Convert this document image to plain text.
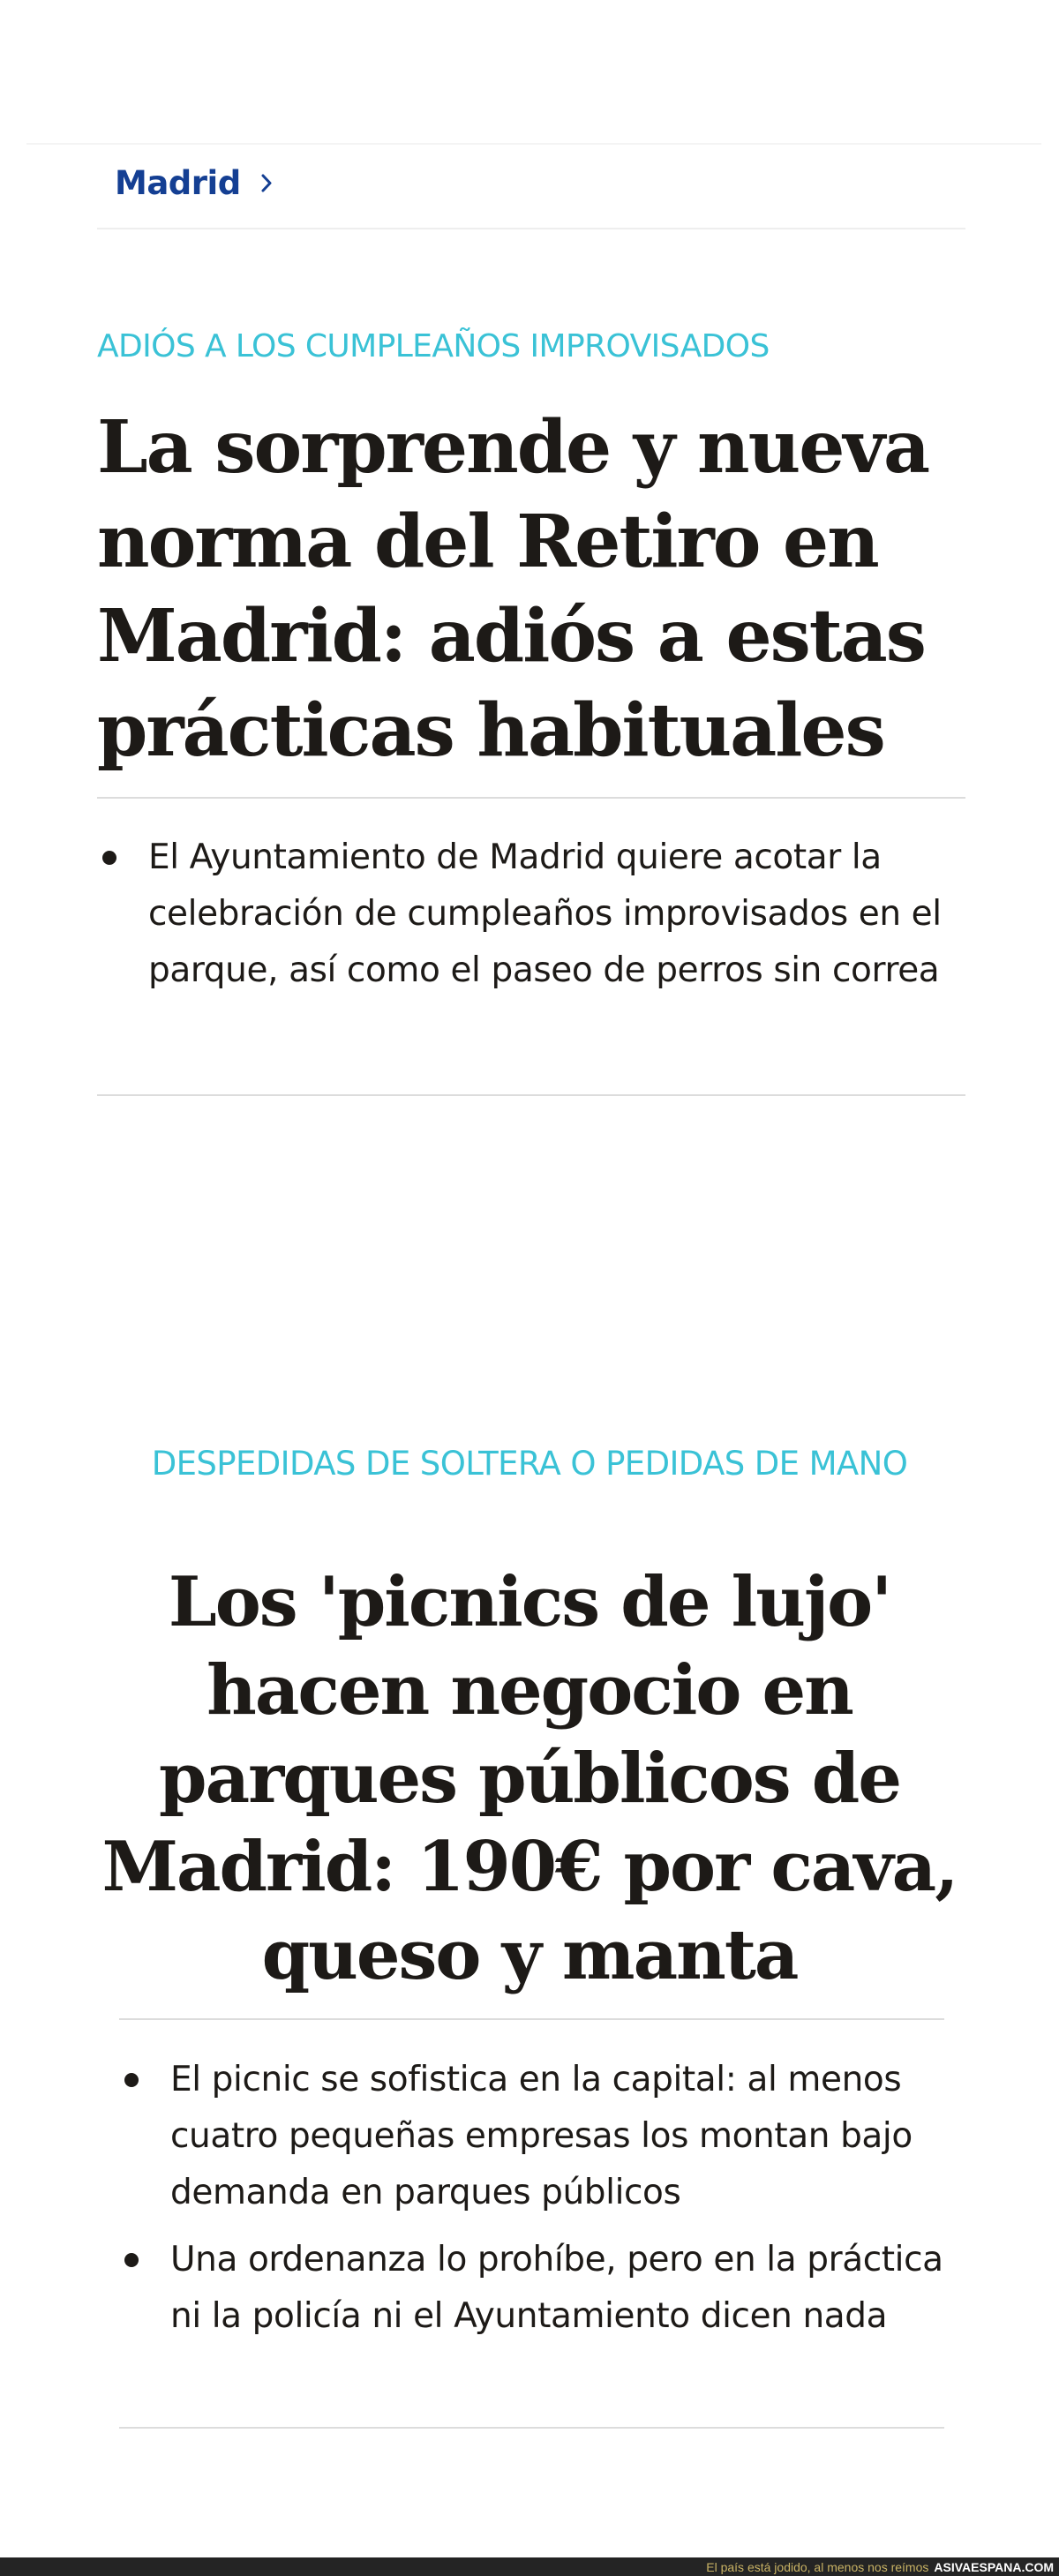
Madrid
ADIÓS A LOS CUMPLEAÑOS IMPROVISADOS
La sorprende y nueva norma del Retiro en Madrid: adiós a estas prácticas habituales
El Ayuntamiento de Madrid quiere acotar la celebración de cumpleaños improvisados en el parque, así como el paseo de perros sin correa
DESPEDIDAS DE SOLTERA O PEDIDAS DE MANO
Los 'picnics de lujo' hacen negocio en parques públicos de Madrid: 190€ por cava, queso y manta
El picnic se sofistica en la capital: al menos cuatro pequeñas empresas los montan bajo demanda en parques públicos
Una ordenanza lo prohíbe, pero en la práctica ni la policía ni el Ayuntamiento dicen nada
El país está jodido, al menos nos reímos ASIVAESPANA.COM
